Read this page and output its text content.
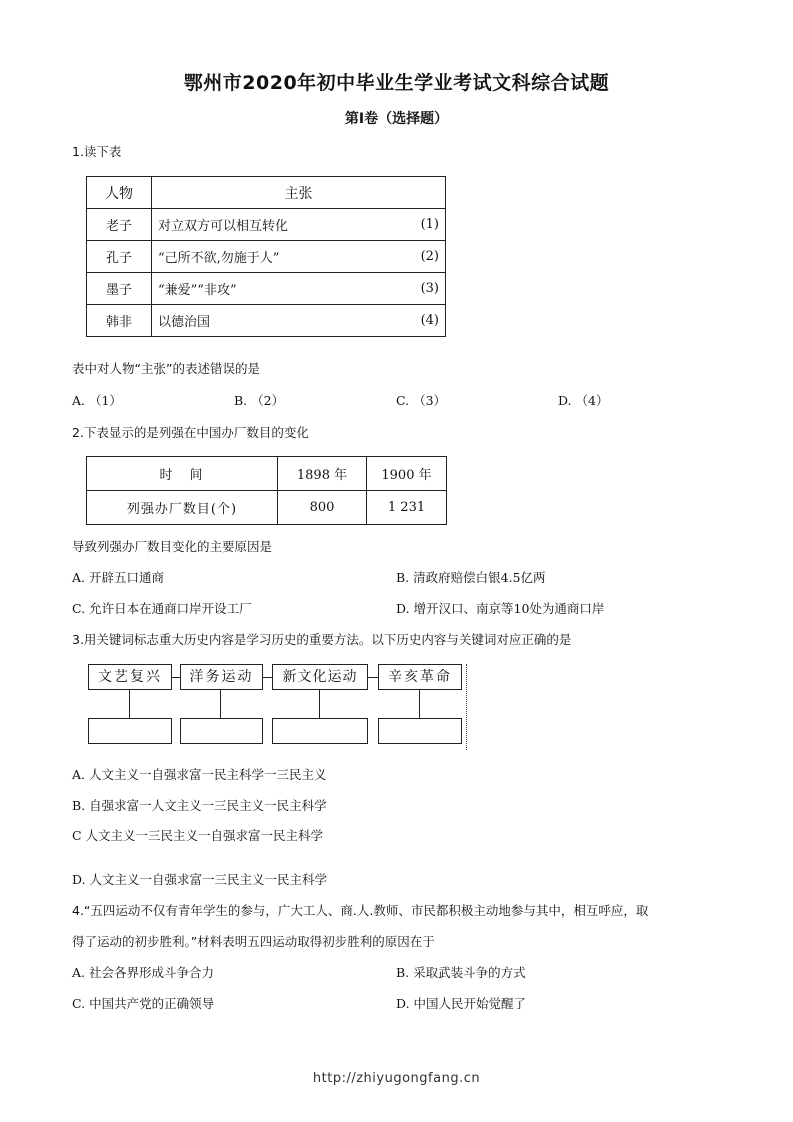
鄂州市2020年初中毕业生学业考试文科综合试题
第I卷（选择题）
1.读下表
人物	主张	
老子	对立双方可以相互转化	(1)
孔子	“己所不欲,勿施于人”	(2)
墨子	“兼爱”“非攻”	(3)
韩非	以德治国	(4)
表中对人物“主张”的表述错误的是
A. （1）	B. （2）	C. （3）	D. （4）
2.下表显示的是列强在中国办厂数目的变化
时　间	1898 年	1900 年
列强办厂数目(个)	800	1 231
导致列强办厂数目变化的主要原因是
A. 开辟五口通商	B. 清政府赔偿白银4.5亿两
C. 允许日本在通商口岸开设工厂	D. 增开汉口、南京等10处为通商口岸
3.用关键词标志重大历史内容是学习历史的重要方法。以下历史内容与关键词对应正确的是
文艺复兴	洋务运动	新文化运动	辛亥革命
A. 人文主义一自强求富一民主科学一三民主义
B. 自强求富一人文主义一三民主义一民主科学
C 人文主义一三民主义一自强求富一民主科学
D. 人文主义一自强求富一三民主义一民主科学
4.“五四运动不仅有青年学生的参与，广大工人、商.人.教师、市民都积极主动地参与其中，相互呼应，取
得了运动的初步胜利。”材料表明五四运动取得初步胜利的原因在于
A. 社会各界形成斗争合力	B. 采取武装斗争的方式
C. 中国共产党的正确领导	D. 中国人民开始觉醒了
http://zhiyugongfang.cn
